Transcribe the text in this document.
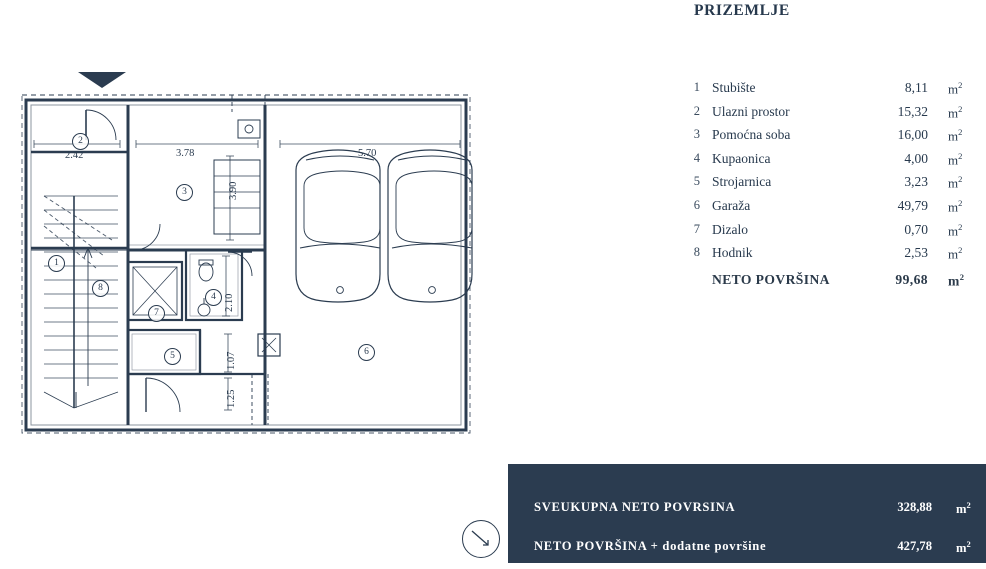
2.42	3.78	5.70
3.90
2.10
1.07
1.25
2
3
1
8
7
4
5	6
PRIZEMLJE
1 Stubište	8,11 $m^2$
2 Ulazni prostor	15,32 $m^2$
3 Pomoćna soba	16,00 $m^2$
4 Kupaonica	4,00 $m^2$
5 Strojarnica	3,23 $m^2$
6 Garaža	49,79 $m^2$
7 Dizalo	0,70 $m^2$
8 Hodnik	2,53 $m^2$
NETO POVRŠINA	99,68 $m^2$
SVEUKUPNA NETO POVRSINA	328,88 $m^2$
NETO POVRŠINA + dodatne površine	427,78 $m^2$
